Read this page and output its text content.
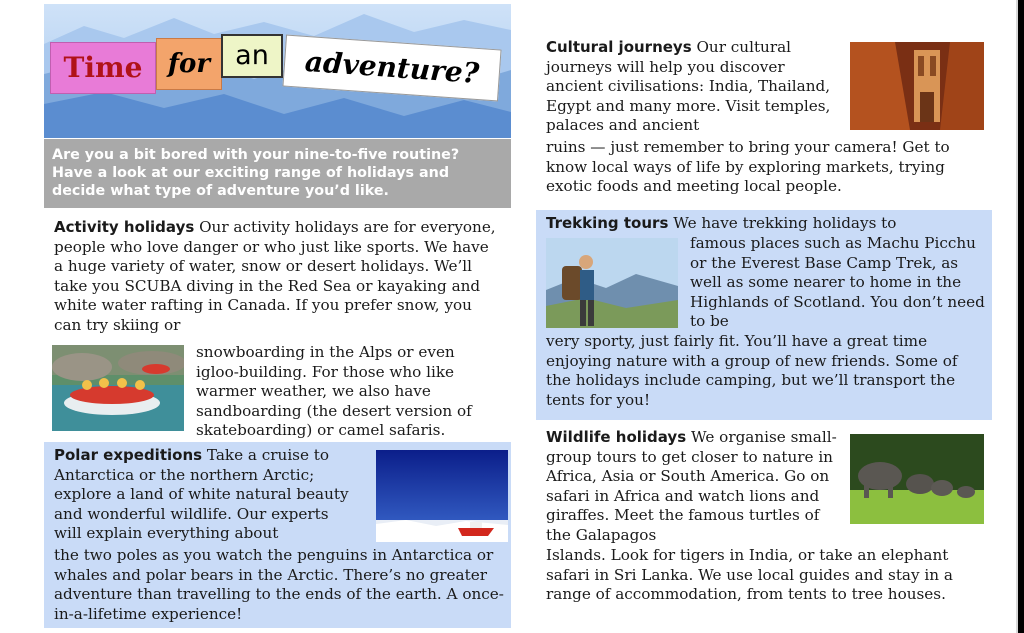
Time for an	adventure?
Are you a bit bored with your nine-to-five routine? Have a look at our exciting range of holidays and decide what type of adventure you’d like.
Activity holidays Our activity holidays are for everyone, people who love danger or who just like sports. We have a huge variety of water, snow or desert holidays. We’ll take you SCUBA diving in the Red Sea or kayaking and white water rafting in Canada. If you prefer snow, you can try skiing or
snowboarding in the Alps or even igloo-building. For those who like warmer weather, we also have sandboarding (the desert version of skateboarding) or camel safaris.
Polar expeditions Take a cruise to Antarctica or the northern Arctic; explore a land of white natural beauty and wonderful wildlife. Our experts will explain everything about
the two poles as you watch the penguins in Antarctica or whales and polar bears in the Arctic. There’s no greater adventure than travelling to the ends of the earth. A once-in-a-lifetime experience!
Cultural journeys Our cultural journeys will help you discover ancient civilisations: India, Thailand, Egypt and many more. Visit temples, palaces and ancient
ruins — just remember to bring your camera! Get to know local ways of life by exploring markets, trying exotic foods and meeting local people.
Trekking tours We have trekking holidays to
famous places such as Machu Picchu or the Everest Base Camp Trek, as well as some nearer to home in the Highlands of Scotland. You don’t need to be
very sporty, just fairly fit. You’ll have a great time enjoying nature with a group of new friends. Some of the holidays include camping, but we’ll transport the tents for you!
Wildlife holidays We organise small-group tours to get closer to nature in Africa, Asia or South America. Go on safari in Africa and watch lions and giraffes. Meet the famous turtles of the Galapagos
Islands. Look for tigers in India, or take an elephant safari in Sri Lanka. We use local guides and stay in a range of accommodation, from tents to tree houses.
